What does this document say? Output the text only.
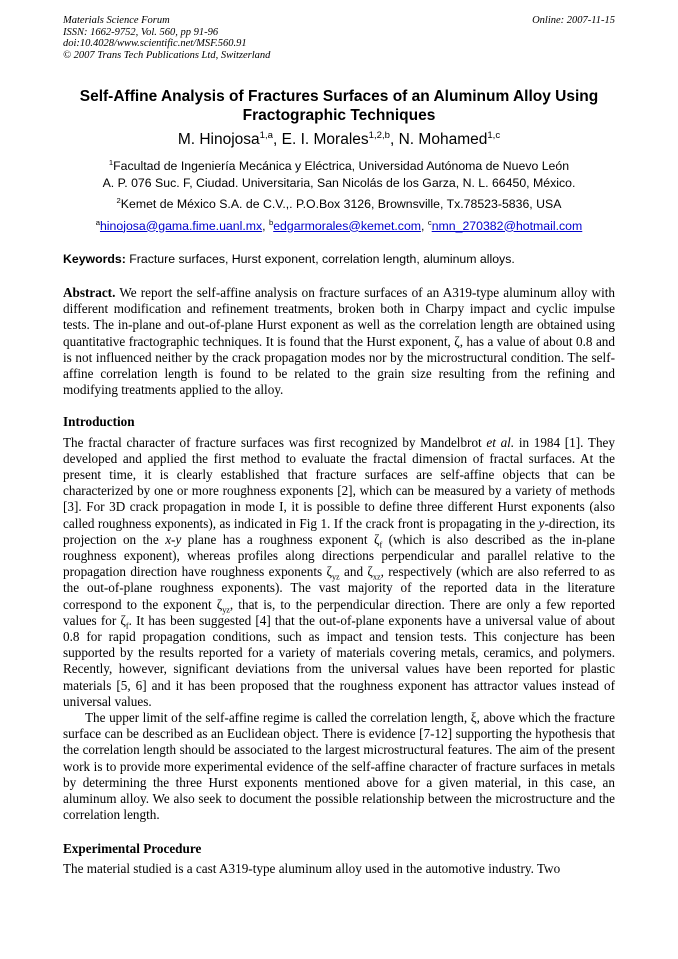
Materials Science Forum
ISSN: 1662-9752, Vol. 560, pp 91-96
doi:10.4028/www.scientific.net/MSF.560.91
© 2007 Trans Tech Publications Ltd, Switzerland
Online: 2007-11-15
Self-Affine Analysis of Fractures Surfaces of an Aluminum Alloy Using Fractographic Techniques
M. Hinojosa$^{1,a}$, E. I. Morales$^{1,2,b}$, N. Mohamed$^{1,c}$
$^1$Facultad de Ingeniería Mecánica y Eléctrica, Universidad Autónoma de Nuevo León
A. P. 076 Suc. F, Ciudad. Universitaria, San Nicolás de los Garza, N. L. 66450, México.
$^2$Kemet de México S.A. de C.V.,. P.O.Box 3126, Brownsville, Tx.78523-5836, USA
$^a$hinojosa@gama.fime.uanl.mx, $^b$edgarmorales@kemet.com, $^c$nmn_270382@hotmail.com
Keywords: Fracture surfaces, Hurst exponent, correlation length, aluminum alloys.
Abstract. We report the self-affine analysis on fracture surfaces of an A319-type aluminum alloy with different modification and refinement treatments, broken both in Charpy impact and cyclic impulse tests. The in-plane and out-of-plane Hurst exponent as well as the correlation length are obtained using quantitative fractographic techniques. It is found that the Hurst exponent, ζ, has a value of about 0.8 and is not influenced neither by the crack propagation modes nor by the microstructural condition. The self-affine correlation length is found to be related to the grain size resulting from the refining and modifying treatments applied to the alloy.
Introduction
The fractal character of fracture surfaces was first recognized by Mandelbrot et al. in 1984 [1]. They developed and applied the first method to evaluate the fractal dimension of fractal surfaces. At the present time, it is clearly established that fracture surfaces are self-affine objects that can be characterized by one or more roughness exponents [2], which can be measured by a variety of methods [3]. For 3D crack propagation in mode I, it is possible to define three different Hurst exponents (also called roughness exponents), as indicated in Fig 1. If the crack front is propagating in the y-direction, its projection on the x-y plane has a roughness exponent $\zeta_f$ (which is also described as the in-plane roughness exponent), whereas profiles along directions perpendicular and parallel relative to the propagation direction have roughness exponents $\zeta_{yz}$ and $\zeta_{xz}$, respectively (which are also referred to as the out-of-plane roughness exponents). The vast majority of the reported data in the literature correspond to the exponent $\zeta_{yz}$, that is, to the perpendicular direction. There are only a few reported values for $\zeta_f$. It has been suggested [4] that the out-of-plane exponents have a universal value of about 0.8 for rapid propagation conditions, such as impact and tension tests. This conjecture has been supported by the results reported for a variety of materials covering metals, ceramics, and polymers. Recently, however, significant deviations from the universal values have been reported for plastic materials [5, 6] and it has been proposed that the roughness exponent has attractor values instead of universal values.
The upper limit of the self-affine regime is called the correlation length, ξ, above which the fracture surface can be described as an Euclidean object. There is evidence [7-12] supporting the hypothesis that the correlation length should be associated to the largest microstructural features. The aim of the present work is to provide more experimental evidence of the self-affine character of fracture surfaces in metals by determining the three Hurst exponents mentioned above for a given material, in this case, an aluminum alloy. We also seek to document the possible relationship between the microstructure and the correlation length.
Experimental Procedure
The material studied is a cast A319-type aluminum alloy used in the automotive industry. Two
